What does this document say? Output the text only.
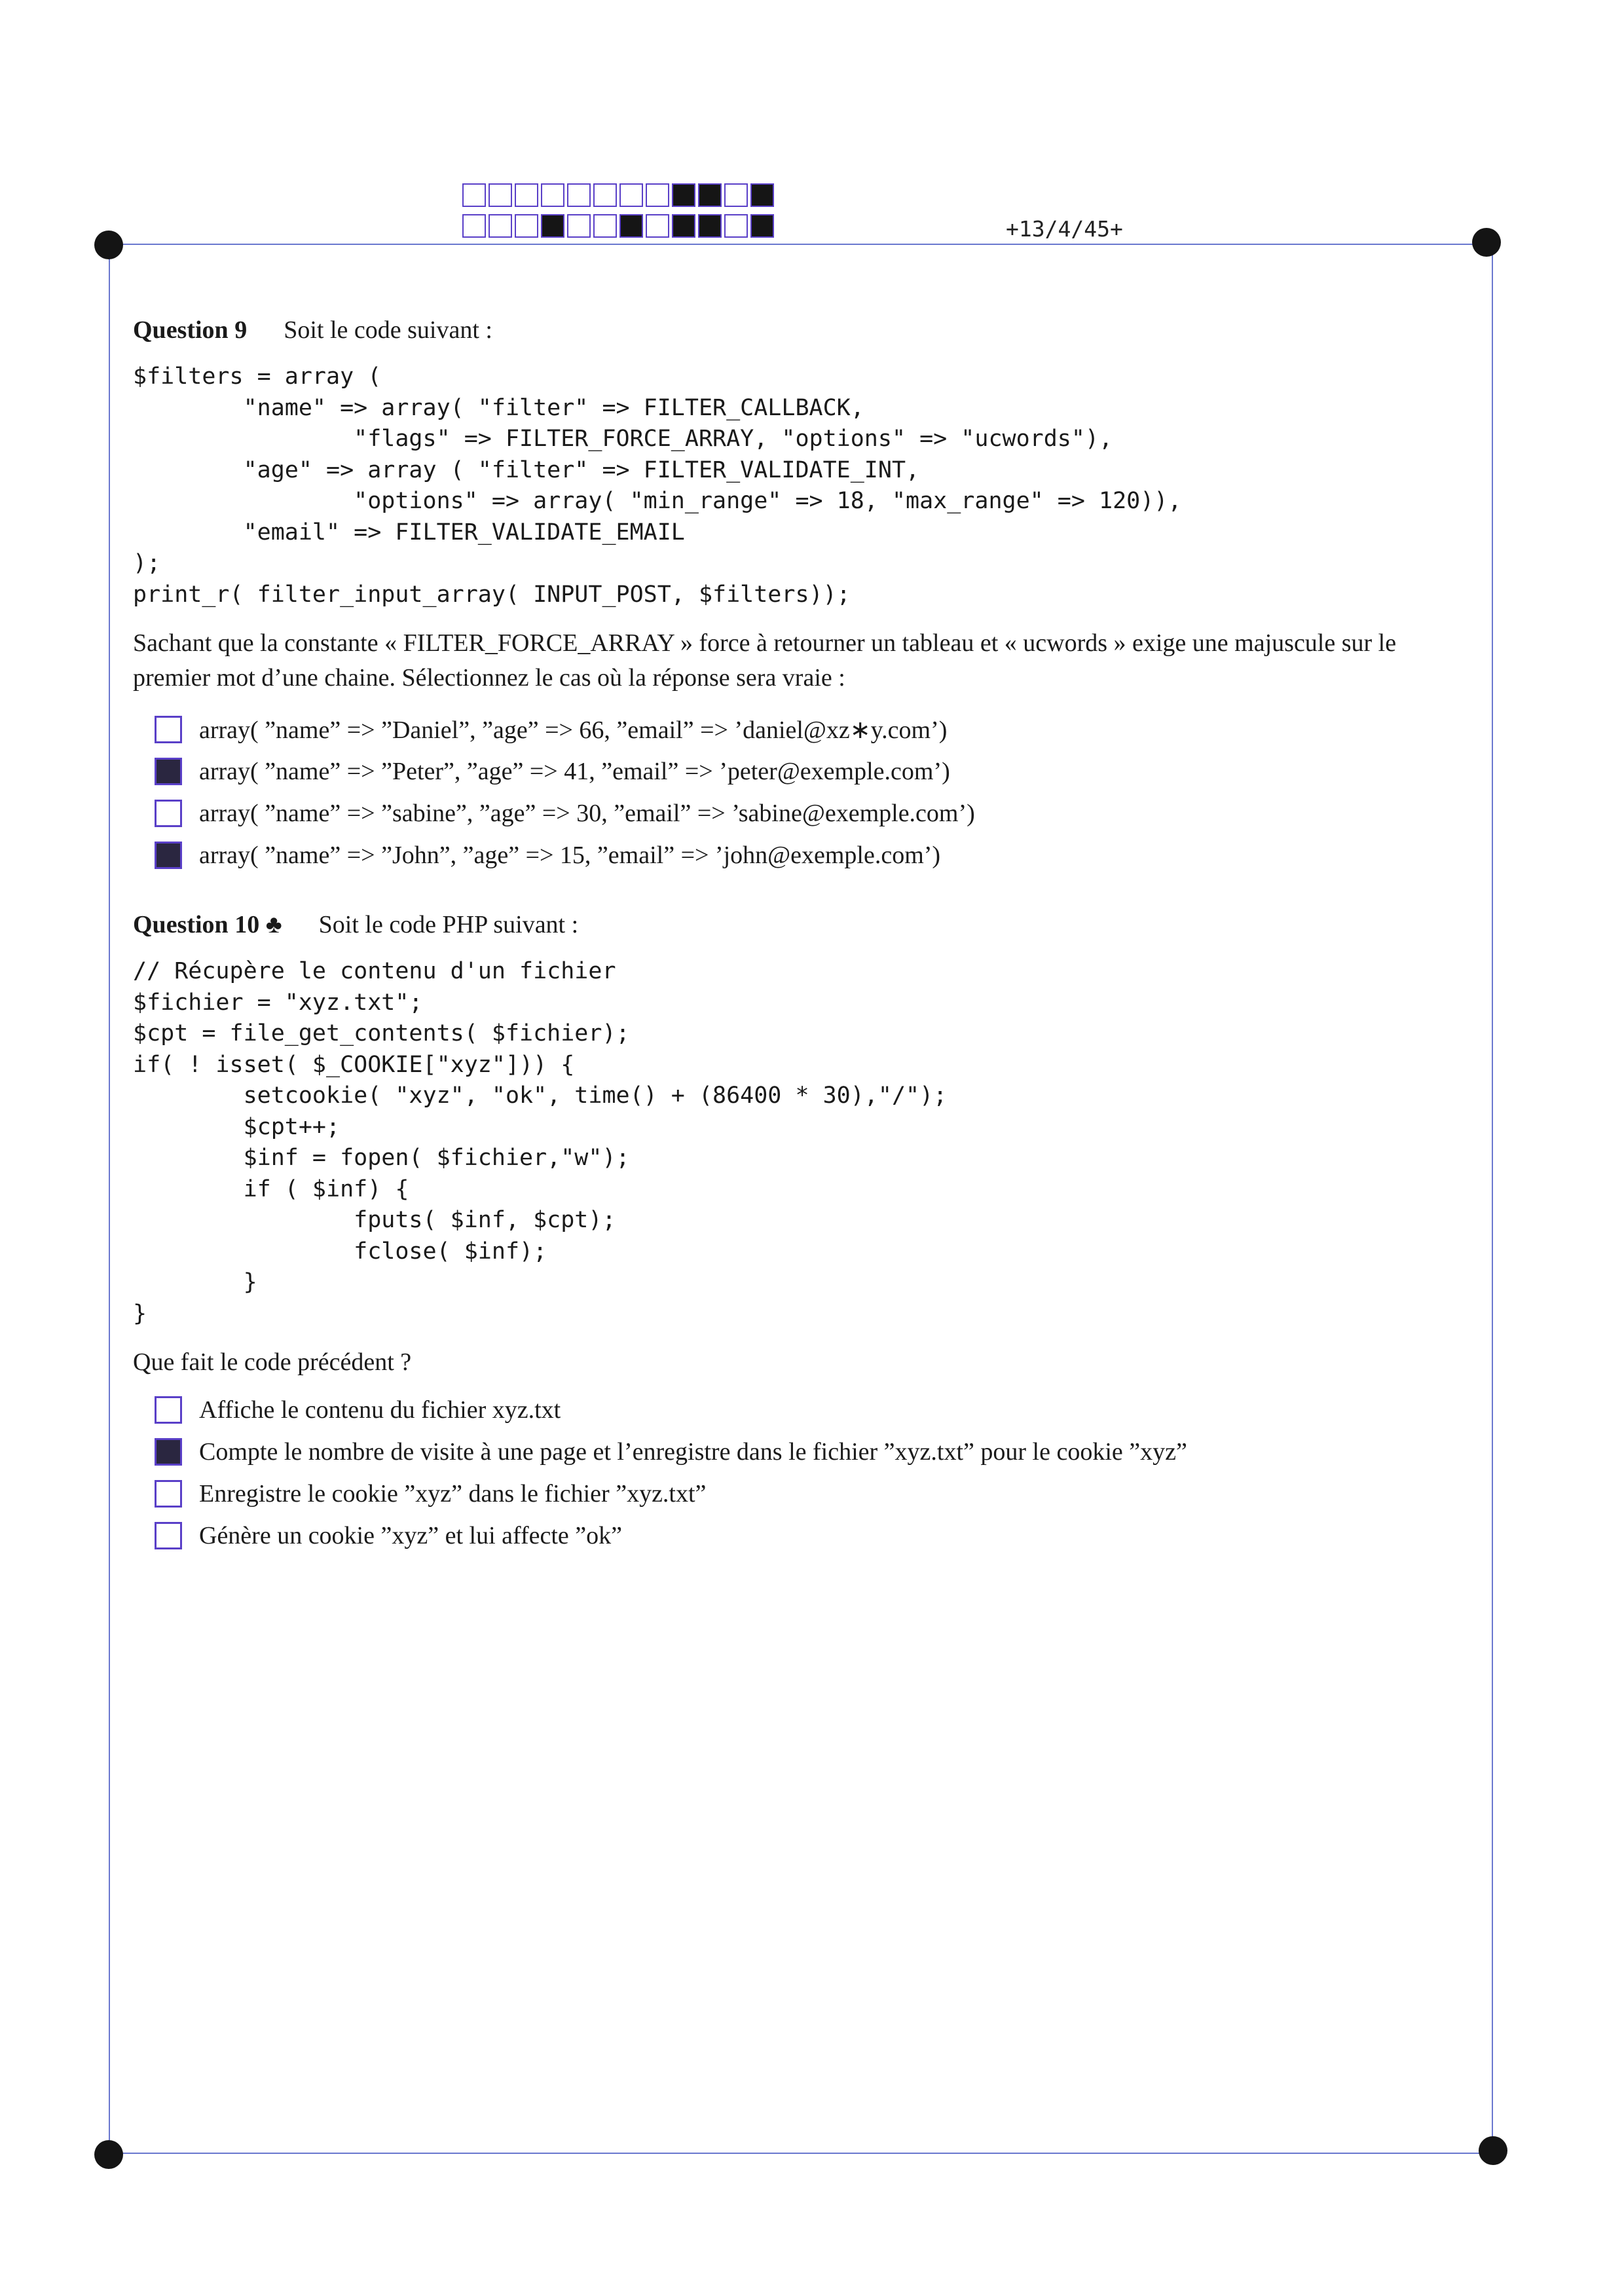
+13/4/45+
Question 9 Soit le code suivant :
$filters = array (
"name" => array( "filter" => FILTER_CALLBACK,
"flags" => FILTER_FORCE_ARRAY, "options" => "ucwords"),
"age" => array ( "filter" => FILTER_VALIDATE_INT,
"options" => array( "min_range" => 18, "max_range" => 120)),
"email" => FILTER_VALIDATE_EMAIL
);
print_r( filter_input_array( INPUT_POST, $filters));
Sachant que la constante « FILTER_FORCE_ARRAY » force à retourner un tableau et « ucwords » exige une majuscule sur le premier mot d’une chaine. Sélectionnez le cas où la réponse sera vraie :
array( ”name” => ”Daniel”, ”age” => 66, ”email” => ’daniel@xz∗y.com’)
array( ”name” => ”Peter”, ”age” => 41, ”email” => ’peter@exemple.com’)
array( ”name” => ”sabine”, ”age” => 30, ”email” => ’sabine@exemple.com’)
array( ”name” => ”John”, ”age” => 15, ”email” => ’john@exemple.com’)
Question 10 ♣ Soit le code PHP suivant :
// Récupère le contenu d'un fichier
$fichier = "xyz.txt";
$cpt = file_get_contents( $fichier);
if( ! isset( $_COOKIE["xyz"])) {
setcookie( "xyz", "ok", time() + (86400 * 30),"/");
$cpt++;
$inf = fopen( $fichier,"w");
if ( $inf) {
fputs( $inf, $cpt);
fclose( $inf);
}
}
Que fait le code précédent ?
Affiche le contenu du fichier xyz.txt
Compte le nombre de visite à une page et l’enregistre dans le fichier ”xyz.txt” pour le cookie ”xyz”
Enregistre le cookie ”xyz” dans le fichier ”xyz.txt”
Génère un cookie ”xyz” et lui affecte ”ok”
